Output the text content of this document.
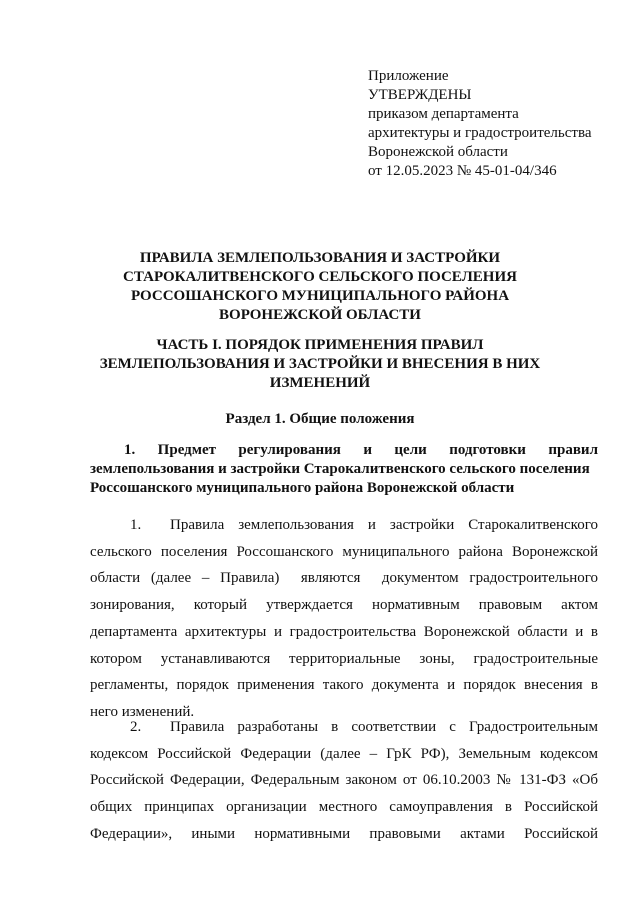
Приложение

УТВЕРЖДЕНЫ

приказом департамента

архитектуры и градостроительства

Воронежской области

от 12.05.2023 № 45-01-04/346

ПРАВИЛА ЗЕМЛЕПОЛЬЗОВАНИЯ И ЗАСТРОЙКИ

СТАРОКАЛИТВЕНСКОГО СЕЛЬСКОГО ПОСЕЛЕНИЯ

РОССОШАНСКОГО МУНИЦИПАЛЬНОГО РАЙОНА

ВОРОНЕЖСКОЙ ОБЛАСТИ

ЧАСТЬ I. ПОРЯДОК ПРИМЕНЕНИЯ ПРАВИЛ

ЗЕМЛЕПОЛЬЗОВАНИЯ И ЗАСТРОЙКИ И ВНЕСЕНИЯ В НИХ

ИЗМЕНЕНИЙ

Раздел 1. Общие положения

1. Предмет регулирования и цели подготовки правил

землепользования и застройки Старокалитвенского сельского поселения

Россошанского муниципального района Воронежской области

1. Правила землепользования и застройки Старокалитвенского

сельского поселения Россошанского муниципального района Воронежской

области (далее – Правила)  являются  документом градостроительного

зонирования, который утверждается нормативным правовым актом

департамента архитектуры и градостроительства Воронежской области и в

котором устанавливаются территориальные зоны, градостроительные

регламенты, порядок применения такого документа и порядок внесения в

него изменений.

2. Правила разработаны в соответствии с Градостроительным

кодексом Российской Федерации (далее – ГрК РФ), Земельным кодексом

Российской Федерации, Федеральным законом от 06.10.2003 № 131-ФЗ «Об

общих принципах организации местного самоуправления в Российской

Федерации», иными нормативными правовыми актами Российской
